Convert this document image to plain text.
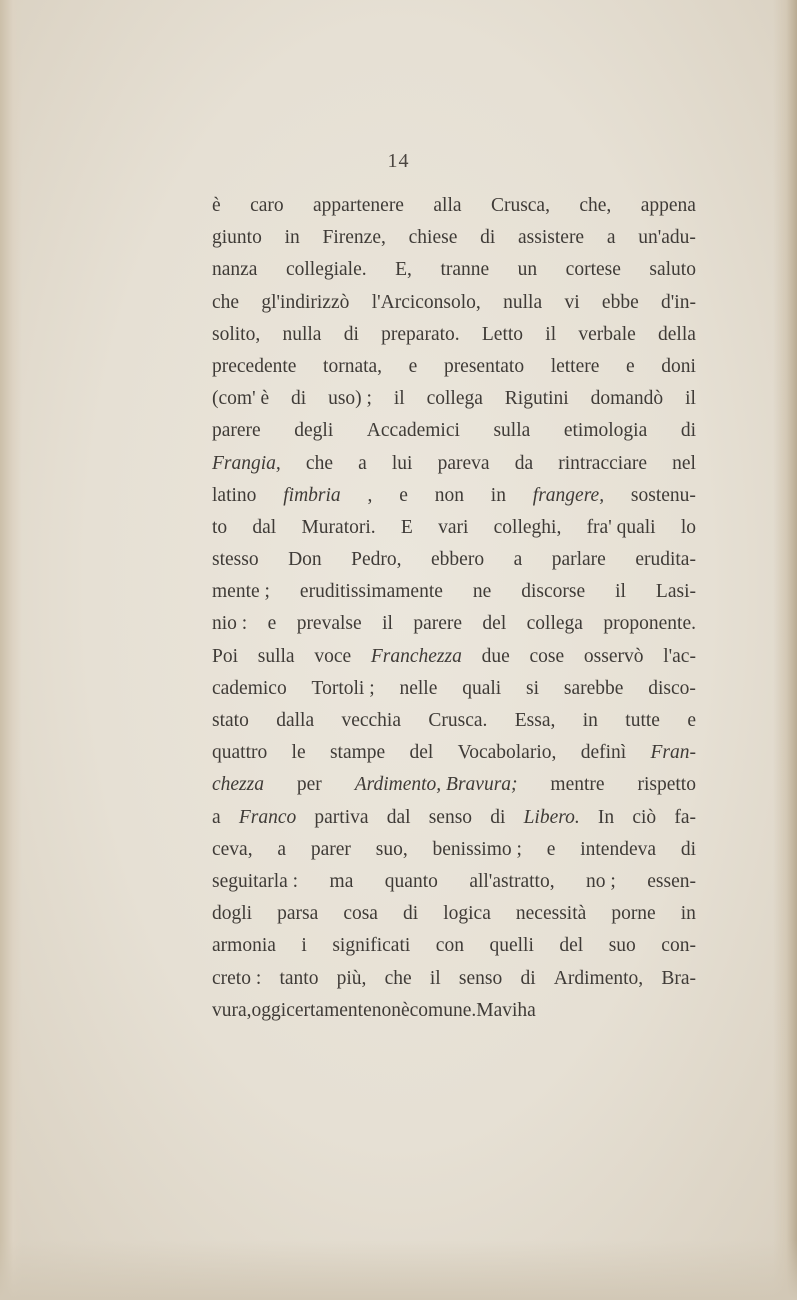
14
è caro appartenere alla Crusca, che, appena
giunto in Firenze, chiese di assistere a un'adu-
nanza collegiale. E, tranne un cortese saluto
che gl'indirizzò l'Arciconsolo, nulla vi ebbe d'in-
solito, nulla di preparato. Letto il verbale della
precedente tornata, e presentato lettere e doni
(com' è di uso) ; il collega Rigutini domandò il
parere degli Accademici sulla etimologia di
Frangia, che a lui pareva da rintracciare nel
latino fimbria , e non in frangere, sostenu-
to dal Muratori. E vari colleghi, fra' quali lo
stesso Don Pedro, ebbero a parlare erudita-
mente ; eruditissimamente ne discorse il Lasi-
nio : e prevalse il parere del collega proponente.
Poi sulla voce Franchezza due cose osservò l'ac-
cademico Tortoli ; nelle quali si sarebbe disco-
stato dalla vecchia Crusca. Essa, in tutte e
quattro le stampe del Vocabolario, definì Fran-
chezza per Ardimento, Bravura; mentre rispetto
a Franco partiva dal senso di Libero. In ciò fa-
ceva, a parer suo, benissimo ; e intendeva di
seguitarla : ma quanto all'astratto, no ; essen-
dogli parsa cosa di logica necessità porne in
armonia i significati con quelli del suo con-
creto : tanto più, che il senso di Ardimento, Bra-
vura, oggi certamente non è comune. Ma vi ha
